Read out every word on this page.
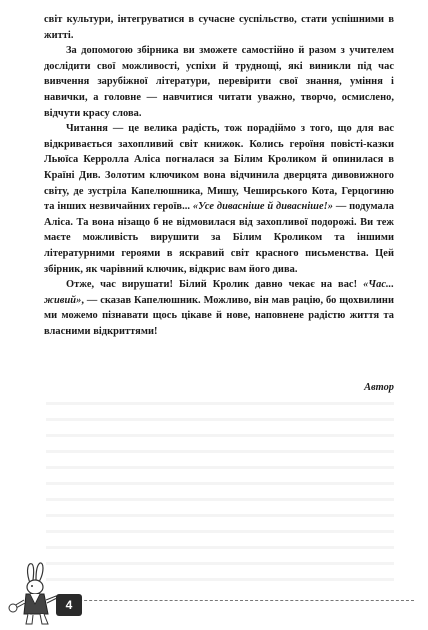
світ культури, інтегруватися в сучасне суспільство, стати успішними в житті.

За допомогою збірника ви зможете самостійно й разом з учителем дослідити свої можливості, успіхи й труднощі, які виникли під час вивчення зарубіжної літератури, перевірити свої знання, уміння і навички, а головне — навчитися читати уважно, творчо, осмислено, відчути красу слова.

Читання — це велика радість, тож порадіймо з того, що для вас відкривається захопливий світ книжок. Колись героїня повісті-казки Льюїса Керролла Аліса погналася за Білим Кроликом й опинилася в Країні Див. Золотим ключиком вона відчинила дверцята дивовижного світу, де зустріла Капелюшника, Мишу, Чеширського Кота, Герцогиню та інших незвичайних героїв... «Усе дивасніше й дивасніше!» — подумала Аліса. Та вона нізащо б не відмовилася від захопливої подорожі. Ви теж маєте можливість вирушити за Білим Кроликом та іншими літературними героями в яскравий світ красного письменства. Цей збірник, як чарівний ключик, відкрис вам його дива.

Отже, час вирушати! Білий Кролик давно чекає на вас! «Час... живий», — сказав Капелюшник. Можливо, він мав рацію, бо щохвилини ми можемо пізнавати щось цікаве й нове, наповнене радістю життя та власними відкриттями!

Автор
4
